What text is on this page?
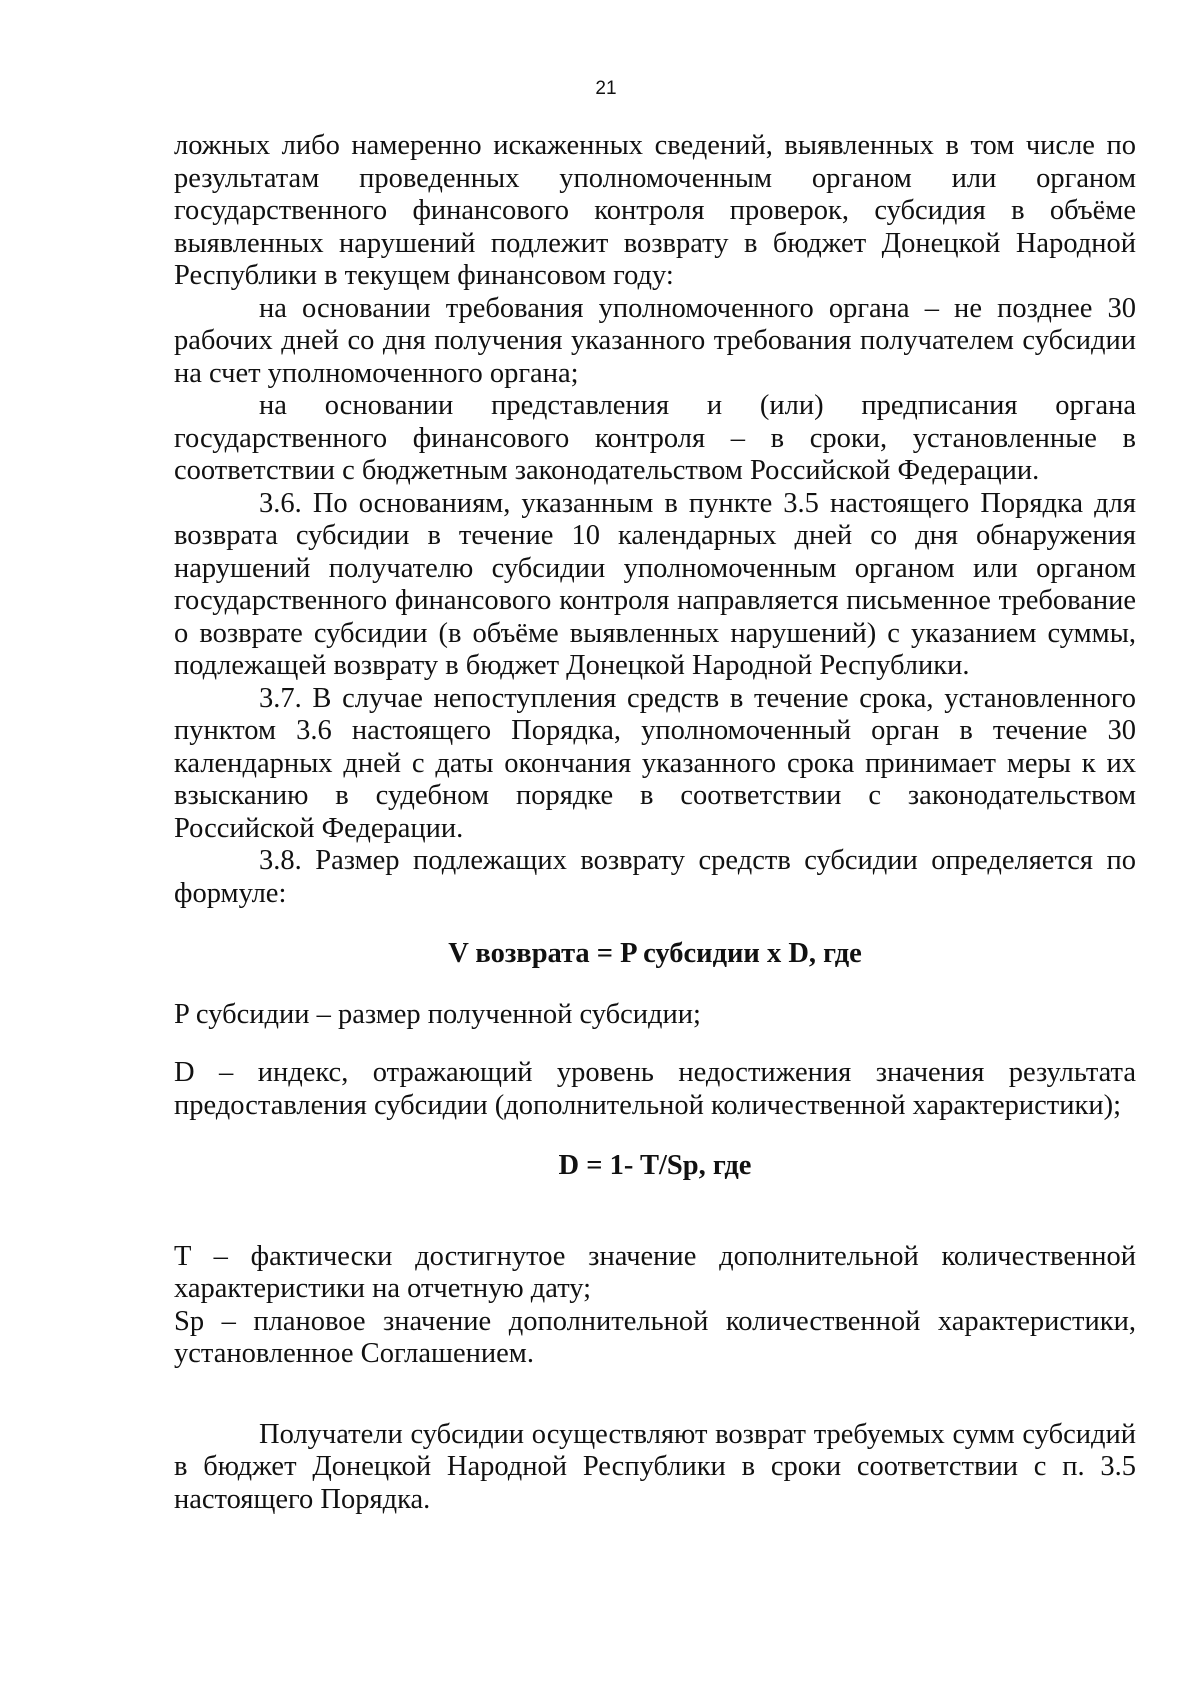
21

ложных либо намеренно искаженных сведений, выявленных в том числе по результатам проведенных уполномоченным органом или органом государственного финансового контроля проверок, субсидия в объёме выявленных нарушений подлежит возврату в бюджет Донецкой Народной Республики в текущем финансовом году:

на основании требования уполномоченного органа – не позднее 30 рабочих дней со дня получения указанного требования получателем субсидии на счет уполномоченного органа;

на основании представления и (или) предписания органа государственного финансового контроля – в сроки, установленные в соответствии с бюджетным законодательством Российской Федерации.

3.6. По основаниям, указанным в пункте 3.5 настоящего Порядка для возврата субсидии в течение 10 календарных дней со дня обнаружения нарушений получателю субсидии уполномоченным органом или органом государственного финансового контроля направляется письменное требование о возврате субсидии (в объёме выявленных нарушений) с указанием суммы, подлежащей возврату в бюджет Донецкой Народной Республики.

3.7. В случае непоступления средств в течение срока, установленного пунктом 3.6 настоящего Порядка, уполномоченный орган в течение 30 календарных дней с даты окончания указанного срока принимает меры к их взысканию в судебном порядке в соответствии с законодательством Российской Федерации.

3.8. Размер подлежащих возврату средств субсидии определяется по формуле:

V возврата = P субсидии x D, где

P субсидии – размер полученной субсидии;

D – индекс, отражающий уровень недостижения значения результата предоставления субсидии (дополнительной количественной характеристики);

D = 1- T/Sp, где

T – фактически достигнутое значение дополнительной количественной характеристики на отчетную дату;

Sp – плановое значение дополнительной количественной характеристики, установленное Соглашением.

Получатели субсидии осуществляют возврат требуемых сумм субсидий в бюджет Донецкой Народной Республики в сроки соответствии с п. 3.5 настоящего Порядка.
